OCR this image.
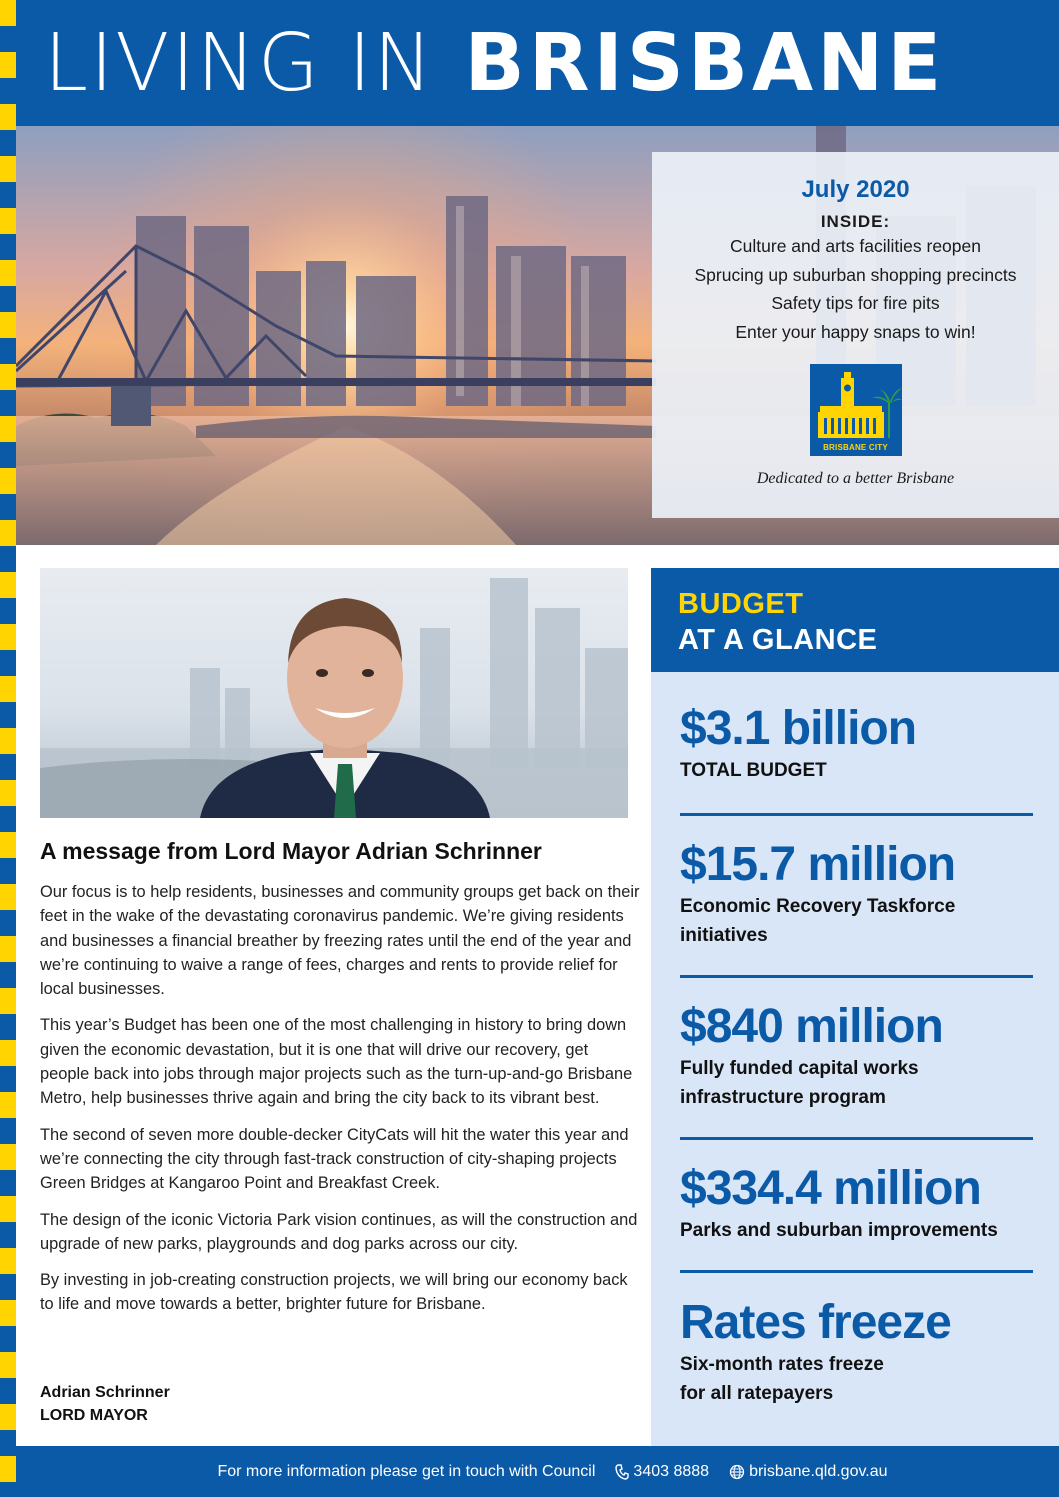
LIVING IN BRISBANE
July 2020
INSIDE:
Culture and arts facilities reopen
Sprucing up suburban shopping precincts
Safety tips for fire pits
Enter your happy snaps to win!
BRISBANE CITY
Dedicated to a better Brisbane
A message from Lord Mayor Adrian Schrinner

Our focus is to help residents, businesses and community groups get back on their feet in the wake of the devastating coronavirus pandemic. We’re giving residents and businesses a financial breather by freezing rates until the end of the year and we’re continuing to waive a range of fees, charges and rents to provide relief for local businesses.

This year’s Budget has been one of the most challenging in history to bring down given the economic devastation, but it is one that will drive our recovery, get people back into jobs through major projects such as the turn-up-and-go Brisbane Metro, help businesses thrive again and bring the city back to its vibrant best.

The second of seven more double-decker CityCats will hit the water this year and we’re connecting the city through fast-track construction of city-shaping projects Green Bridges at Kangaroo Point and Breakfast Creek.

The design of the iconic Victoria Park vision continues, as will the construction and upgrade of new parks, playgrounds and dog parks across our city.

By investing in job-creating construction projects, we will bring our economy back to life and move towards a better, brighter future for Brisbane.

Adrian Schrinner
LORD MAYOR
BUDGET
AT A GLANCE
$3.1 billion
TOTAL BUDGET
$15.7 million
Economic Recovery Taskforce initiatives
$840 million
Fully funded capital works infrastructure program
$334.4 million
Parks and suburban improvements
Rates freeze
Six-month rates freeze for all ratepayers
For more information please get in touch with Council 3403 8888	brisbane.qld.gov.au
